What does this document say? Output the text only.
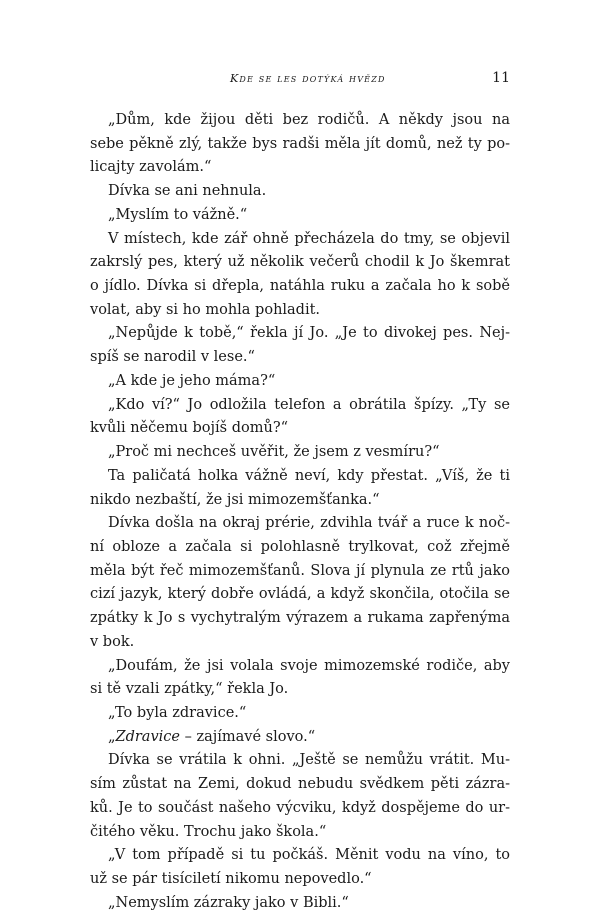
Kde se les dotýká hvězd	11
„Dům, kde žijou děti bez rodičů. A někdy jsou na
sebe pěkně zlý, takže bys radši měla jít domů, než ty po-
licajty zavolám.“
Dívka se ani nehnula.
„Myslím to vážně.“
V místech, kde zář ohně přecházela do tmy, se objevil
zakrslý pes, který už několik večerů chodil k Jo škemrat
o jídlo. Dívka si dřepla, natáhla ruku a začala ho k sobě
volat, aby si ho mohla pohladit.
„Nepůjde k tobě,“ řekla jí Jo. „Je to divokej pes. Nej-
spíš se narodil v lese.“
„A kde je jeho máma?“
„Kdo ví?“ Jo odložila telefon a obrátila špízy. „Ty se
kvůli něčemu bojíš domů?“
„Proč mi nechceš uvěřit, že jsem z vesmíru?“
Ta paličatá holka vážně neví, kdy přestat. „Víš, že ti
nikdo nezbaští, že jsi mimozemšťanka.“
Dívka došla na okraj prérie, zdvihla tvář a ruce k noč-
ní obloze a začala si polohlasně trylkovat, což zřejmě
měla být řeč mimozemšťanů. Slova jí plynula ze rtů jako
cizí jazyk, který dobře ovládá, a když skončila, otočila se
zpátky k Jo s vychytralým výrazem a rukama zapřenýma
v bok.
„Doufám, že jsi volala svoje mimozemské rodiče, aby
si tě vzali zpátky,“ řekla Jo.
„To byla zdravice.“
„Zdravice – zajímavé slovo.“
Dívka se vrátila k ohni. „Ještě se nemůžu vrátit. Mu-
sím zůstat na Zemi, dokud nebudu svědkem pěti zázra-
ků. Je to součást našeho výcviku, když dospějeme do ur-
čitého věku. Trochu jako škola.“
„V tom případě si tu počkáš. Měnit vodu na víno, to
už se pár tisíciletí nikomu nepovedlo.“
„Nemyslím zázraky jako v Bibli.“
